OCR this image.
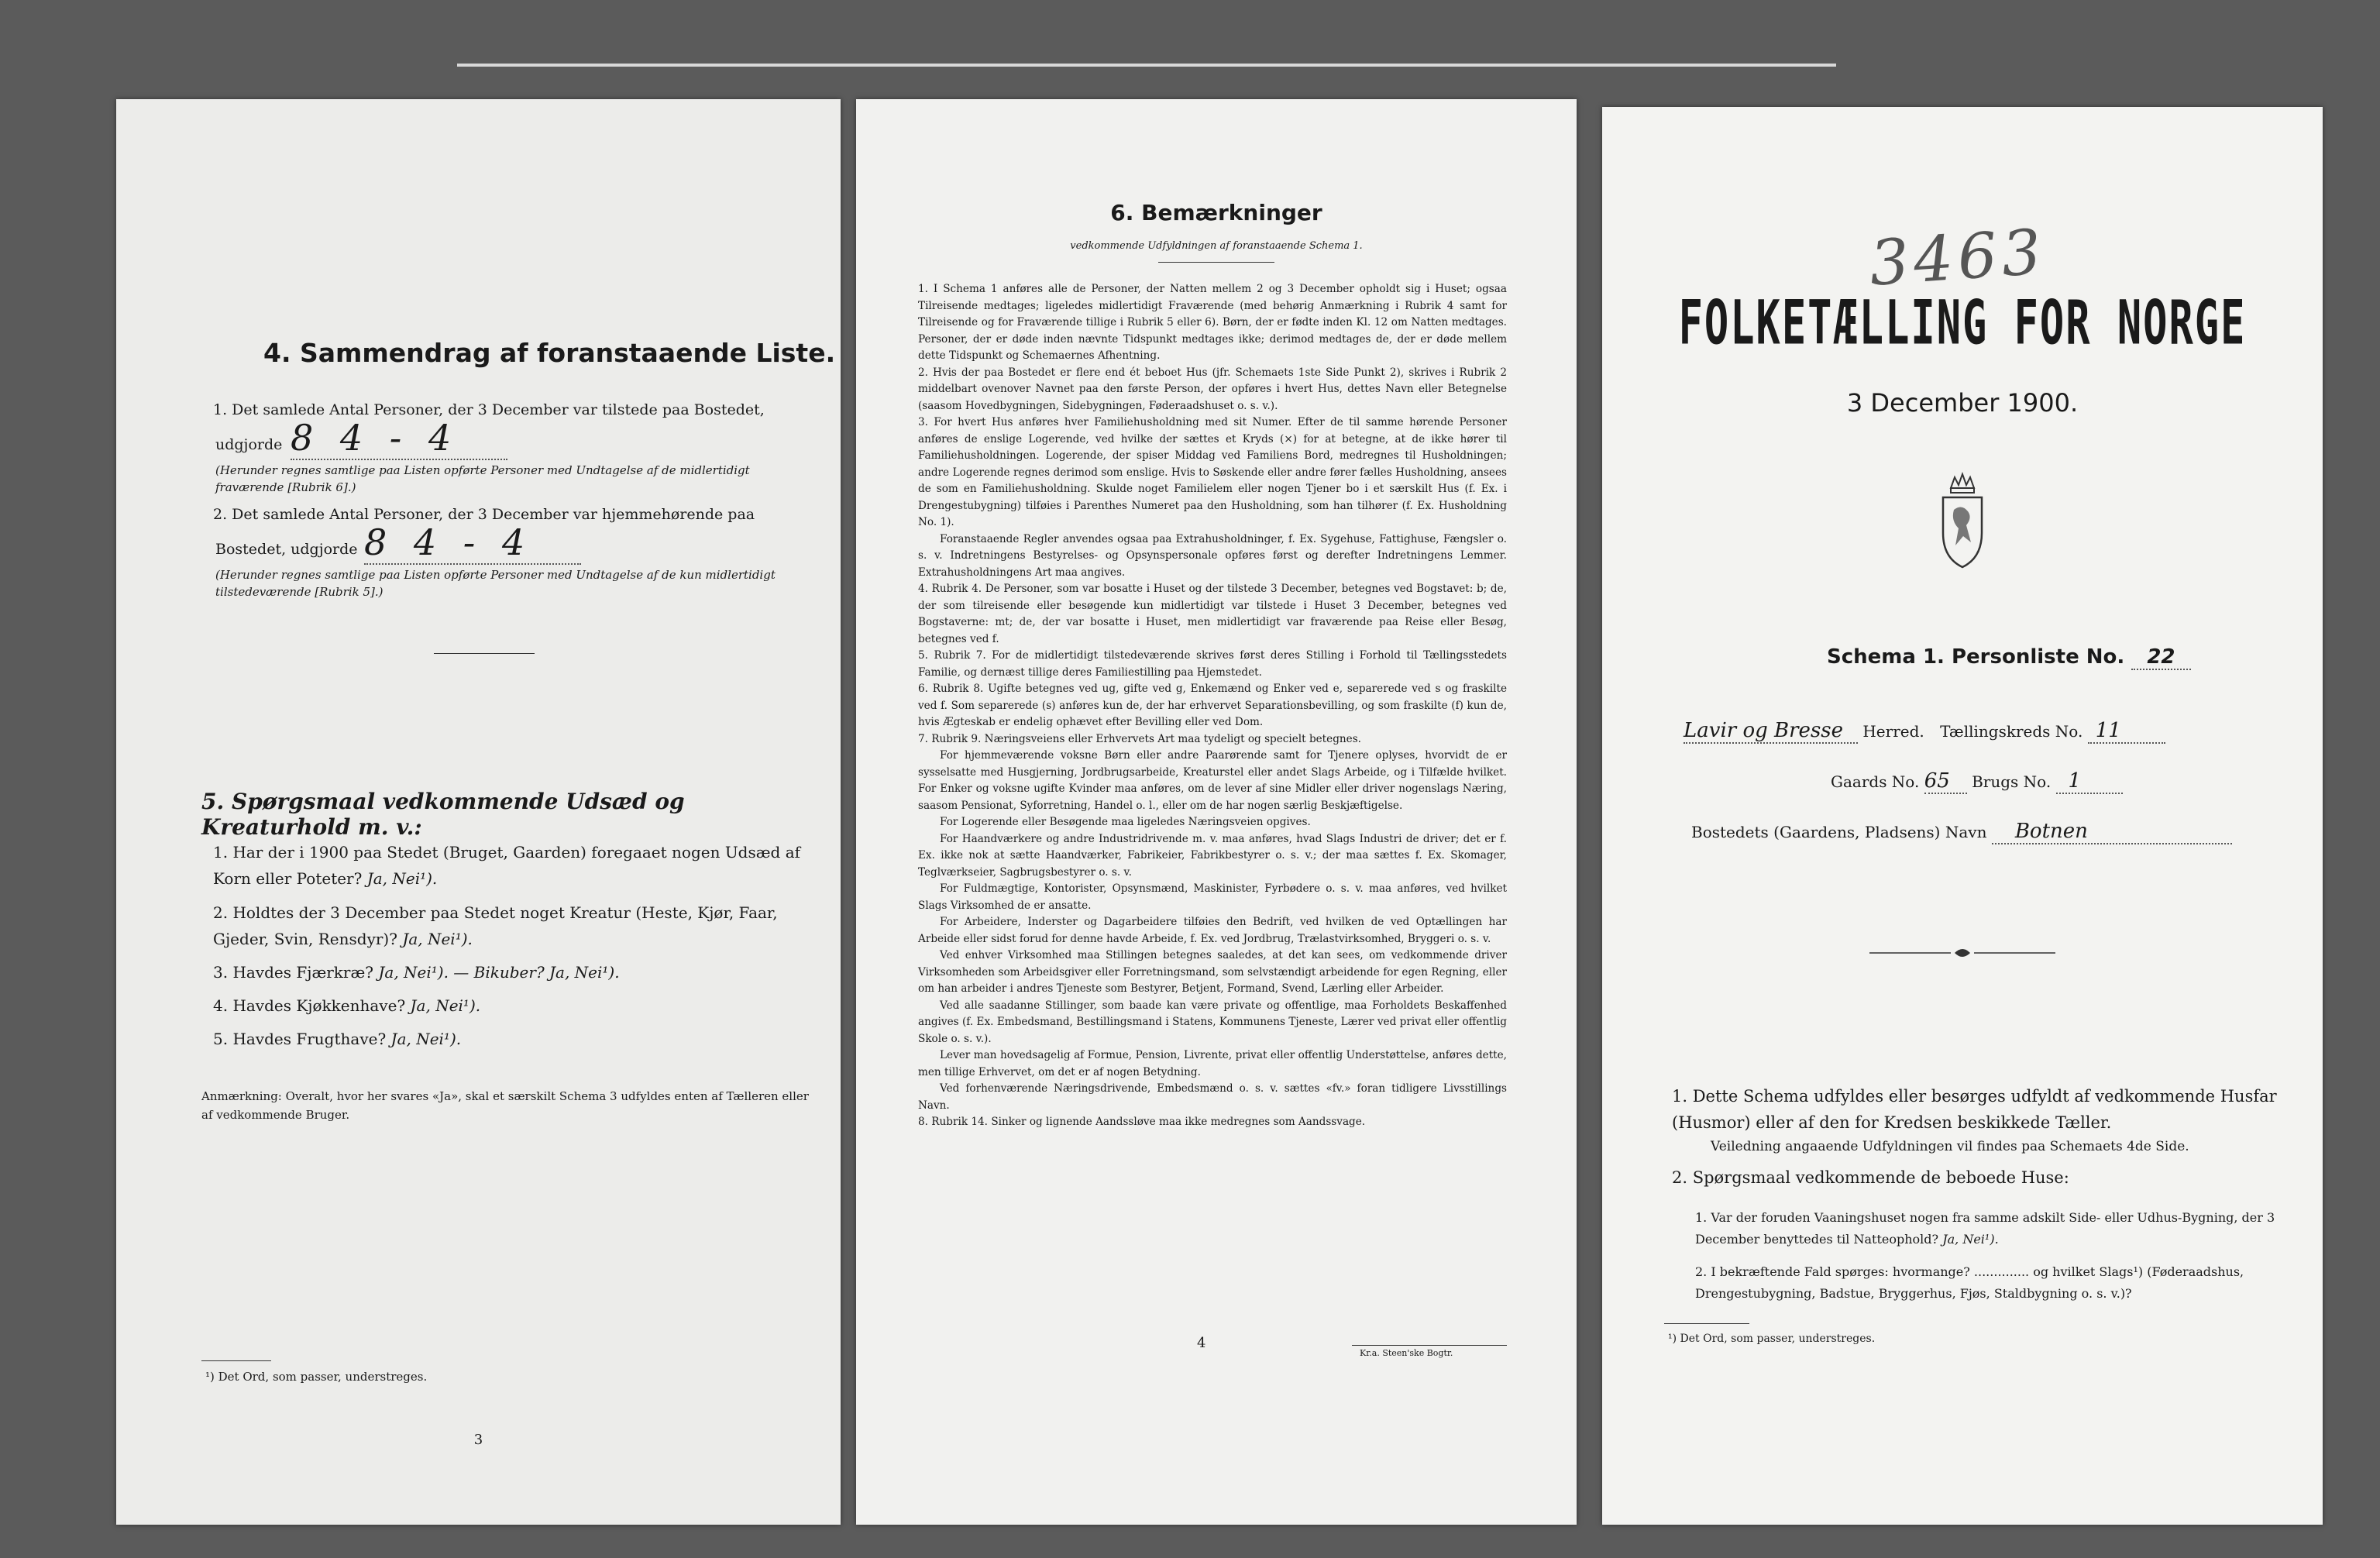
4. Sammendrag af foranstaaende Liste.
1. Det samlede Antal Personer, der 3 December var tilstede paa Bostedet,
udgjorde 8 4 - 4
(Herunder regnes samtlige paa Listen opførte Personer med Undtagelse af de midlertidigt fraværende [Rubrik 6].)
2. Det samlede Antal Personer, der 3 December var hjemmehørende paa
Bostedet, udgjorde 8 4 - 4
(Herunder regnes samtlige paa Listen opførte Personer med Undtagelse af de kun midlertidigt tilstedeværende [Rubrik 5].)
5. Spørgsmaal vedkommende Udsæd og Kreaturhold m. v.:
1. Har der i 1900 paa Stedet (Bruget, Gaarden) foregaaet nogen Udsæd af Korn eller Poteter? Ja, Nei¹).
2. Holdtes der 3 December paa Stedet noget Kreatur (Heste, Kjør, Faar, Gjeder, Svin, Rensdyr)? Ja, Nei¹).
3. Havdes Fjærkræ? Ja, Nei¹). — Bikuber? Ja, Nei¹).
4. Havdes Kjøkkenhave? Ja, Nei¹).
5. Havdes Frugthave? Ja, Nei¹).
Anmærkning: Overalt, hvor her svares «Ja», skal et særskilt Schema 3 udfyldes enten af Tælleren eller af vedkommende Bruger.
¹) Det Ord, som passer, understreges.
3
6. Bemærkninger
vedkommende Udfyldningen af foranstaaende Schema 1.

1. I Schema 1 anføres alle de Personer, der Natten mellem 2 og 3 December opholdt sig i Huset; ogsaa Tilreisende medtages; ligeledes midlertidigt Fraværende (med behørig Anmærkning i Rubrik 4 samt for Tilreisende og for Fraværende tillige i Rubrik 5 eller 6). Børn, der er fødte inden Kl. 12 om Natten medtages. Personer, der er døde inden nævnte Tidspunkt medtages ikke; derimod medtages de, der er døde mellem dette Tidspunkt og Schemaernes Afhentning.

2. Hvis der paa Bostedet er flere end ét beboet Hus (jfr. Schemaets 1ste Side Punkt 2), skrives i Rubrik 2 middelbart ovenover Navnet paa den første Person, der opføres i hvert Hus, dettes Navn eller Betegnelse (saasom Hovedbygningen, Sidebygningen, Føderaadshuset o. s. v.).

3. For hvert Hus anføres hver Familiehusholdning med sit Numer. Efter de til samme hørende Personer anføres de enslige Logerende, ved hvilke der sættes et Kryds (×) for at betegne, at de ikke hører til Familiehusholdningen. Logerende, der spiser Middag ved Familiens Bord, medregnes til Husholdningen; andre Logerende regnes derimod som enslige. Hvis to Søskende eller andre fører fælles Husholdning, ansees de som en Familiehusholdning. Skulde noget Familielem eller nogen Tjener bo i et særskilt Hus (f. Ex. i Drengestubygning) tilføies i Parenthes Numeret paa den Husholdning, som han tilhører (f. Ex. Husholdning No. 1).

Foranstaaende Regler anvendes ogsaa paa Extrahusholdninger, f. Ex. Sygehuse, Fattighuse, Fængsler o. s. v. Indretningens Bestyrelses- og Opsynspersonale opføres først og derefter Indretningens Lemmer. Extrahusholdningens Art maa angives.

4. Rubrik 4. De Personer, som var bosatte i Huset og der tilstede 3 December, betegnes ved Bogstavet: b; de, der som tilreisende eller besøgende kun midlertidigt var tilstede i Huset 3 December, betegnes ved Bogstaverne: mt; de, der var bosatte i Huset, men midlertidigt var fraværende paa Reise eller Besøg, betegnes ved f.

5. Rubrik 7. For de midlertidigt tilstedeværende skrives først deres Stilling i Forhold til Tællingsstedets Familie, og dernæst tillige deres Familiestilling paa Hjemstedet.

6. Rubrik 8. Ugifte betegnes ved ug, gifte ved g, Enkemænd og Enker ved e, separerede ved s og fraskilte ved f. Som separerede (s) anføres kun de, der har erhvervet Separationsbevilling, og som fraskilte (f) kun de, hvis Ægteskab er endelig ophævet efter Bevilling eller ved Dom.

7. Rubrik 9. Næringsveiens eller Erhvervets Art maa tydeligt og specielt betegnes.

For hjemmeværende voksne Børn eller andre Paarørende samt for Tjenere oplyses, hvorvidt de er sysselsatte med Husgjerning, Jordbrugsarbeide, Kreaturstel eller andet Slags Arbeide, og i Tilfælde hvilket. For Enker og voksne ugifte Kvinder maa anføres, om de lever af sine Midler eller driver nogenslags Næring, saasom Pensionat, Syforretning, Handel o. l., eller om de har nogen særlig Beskjæftigelse.

For Logerende eller Besøgende maa ligeledes Næringsveien opgives.

For Haandværkere og andre Industridrivende m. v. maa anføres, hvad Slags Industri de driver; det er f. Ex. ikke nok at sætte Haandværker, Fabrikeier, Fabrikbestyrer o. s. v.; der maa sættes f. Ex. Skomager, Teglværkseier, Sagbrugsbestyrer o. s. v.

For Fuldmægtige, Kontorister, Opsynsmænd, Maskinister, Fyrbødere o. s. v. maa anføres, ved hvilket Slags Virksomhed de er ansatte.

For Arbeidere, Inderster og Dagarbeidere tilføies den Bedrift, ved hvilken de ved Optællingen har Arbeide eller sidst forud for denne havde Arbeide, f. Ex. ved Jordbrug, Trælastvirksomhed, Bryggeri o. s. v.

Ved enhver Virksomhed maa Stillingen betegnes saaledes, at det kan sees, om vedkommende driver Virksomheden som Arbeidsgiver eller Forretningsmand, som selvstændigt arbeidende for egen Regning, eller om han arbeider i andres Tjeneste som Bestyrer, Betjent, Formand, Svend, Lærling eller Arbeider.

Ved alle saadanne Stillinger, som baade kan være private og offentlige, maa Forholdets Beskaffenhed angives (f. Ex. Embedsmand, Bestillingsmand i Statens, Kommunens Tjeneste, Lærer ved privat eller offentlig Skole o. s. v.).

Lever man hovedsagelig af Formue, Pension, Livrente, privat eller offentlig Understøttelse, anføres dette, men tillige Erhvervet, om det er af nogen Betydning.

Ved forhenværende Næringsdrivende, Embedsmænd o. s. v. sættes «fv.» foran tidligere Livsstillings Navn.

8. Rubrik 14. Sinker og lignende Aandssløve maa ikke medregnes som Aandssvage.

4
Kr.a. Steen'ske Bogtr.
3463
FOLKETÆLLING FOR NORGE
3 December 1900.
Schema 1. Personliste No. 22
Lavir og Bresse Herred. Tællingskreds No. 11
Gaards No. 65 Brugs No. 1
Bostedets (Gaardens, Pladsens) Navn Botnen
1. Dette Schema udfyldes eller besørges udfyldt af vedkommende Husfar (Husmor) eller af den for Kredsen beskikkede Tæller.
Veiledning angaaende Udfyldningen vil findes paa Schemaets 4de Side.
2. Spørgsmaal vedkommende de beboede Huse:
1. Var der foruden Vaaningshuset nogen fra samme adskilt Side- eller Udhus-Bygning, der 3 December benyttedes til Natteophold? Ja, Nei¹).
2. I bekræftende Fald spørges: hvormange? .............. og hvilket Slags¹) (Føderaadshus, Drengestubygning, Badstue, Bryggerhus, Fjøs, Staldbygning o. s. v.)?
¹) Det Ord, som passer, understreges.
